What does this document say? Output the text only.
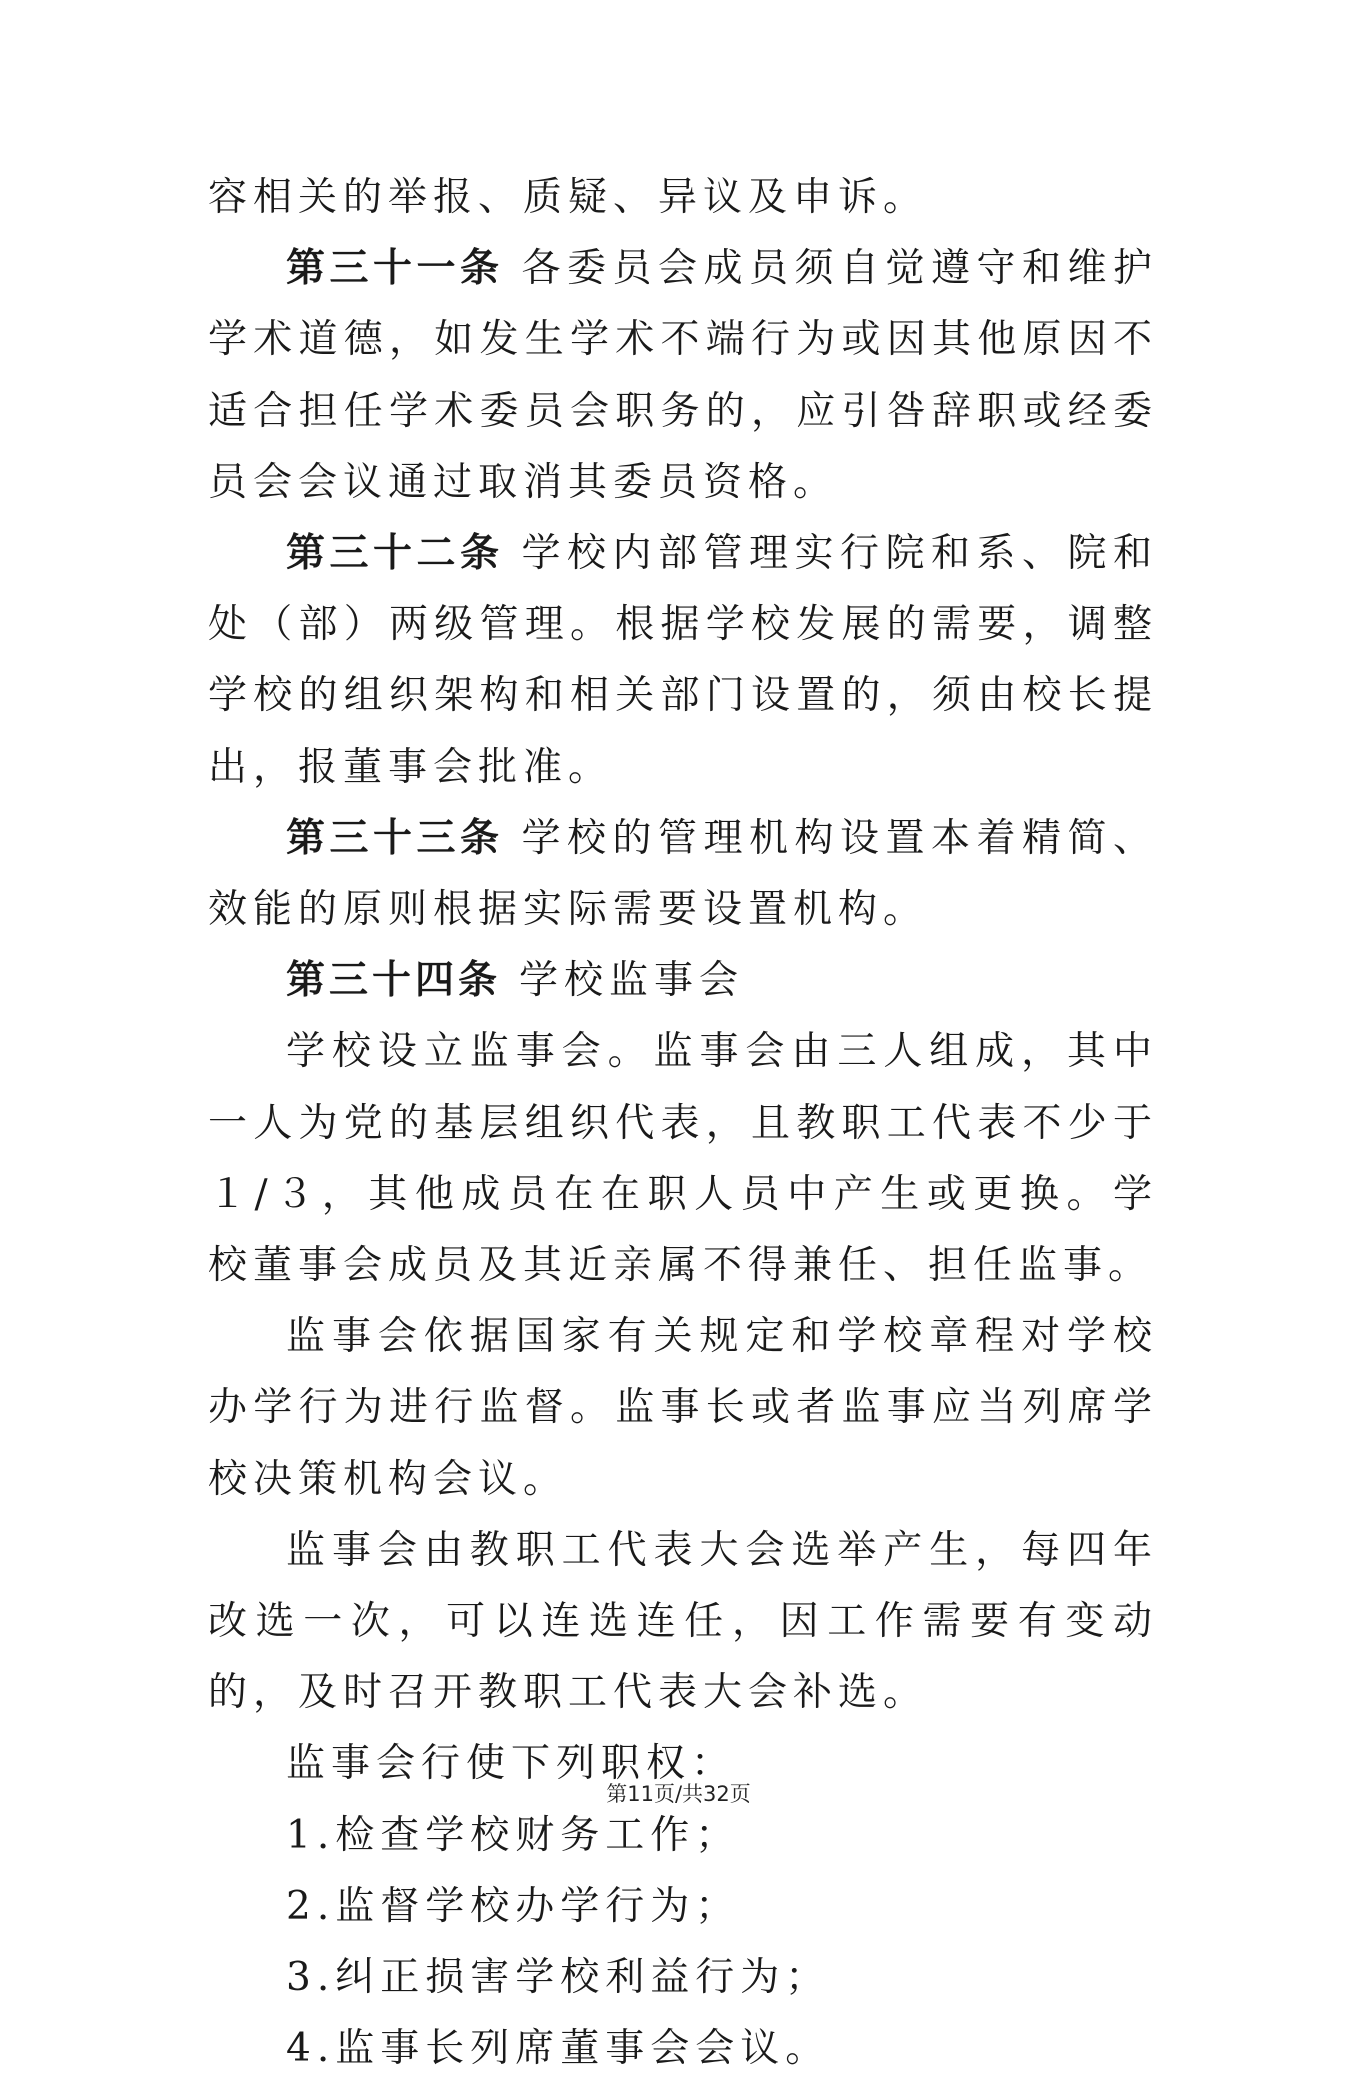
容相关的举报、质疑、异议及申诉。

第三十一条 各委员会成员须自觉遵守和维护学术道德，如发生学术不端行为或因其他原因不适合担任学术委员会职务的，应引咎辞职或经委员会会议通过取消其委员资格。

第三十二条 学校内部管理实行院和系、院和处（部）两级管理。根据学校发展的需要，调整学校的组织架构和相关部门设置的，须由校长提出，报董事会批准。

第三十三条 学校的管理机构设置本着精简、效能的原则根据实际需要设置机构。

第三十四条 学校监事会

学校设立监事会。监事会由三人组成，其中一人为党的基层组织代表，且教职工代表不少于１/３，其他成员在在职人员中产生或更换。学校董事会成员及其近亲属不得兼任、担任监事。

监事会依据国家有关规定和学校章程对学校办学行为进行监督。监事长或者监事应当列席学校决策机构会议。

监事会由教职工代表大会选举产生，每四年改选一次，可以连选连任，因工作需要有变动的，及时召开教职工代表大会补选。

监事会行使下列职权：

1.检查学校财务工作；

2.监督学校办学行为；

3.纠正损害学校利益行为；

4.监事长列席董事会会议。

第11页/共32页
